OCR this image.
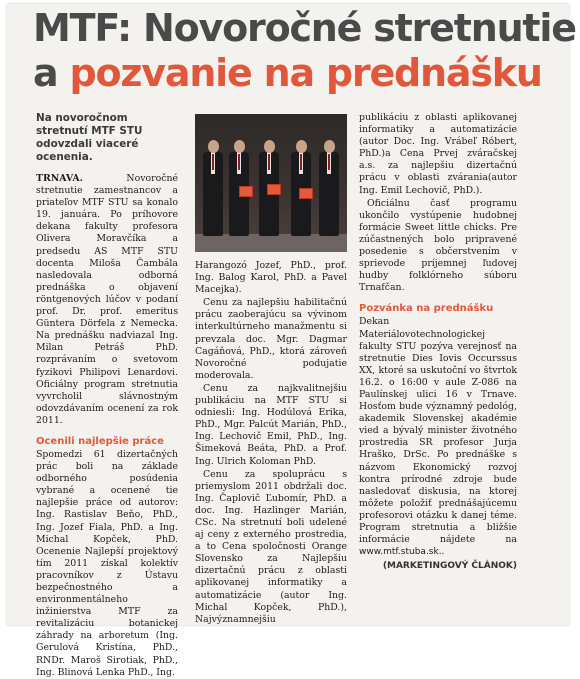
MTF: Novoročné stretnutie
a pozvanie na prednášku
Na novoročnom stretnutí MTF STU odovzdali viaceré ocenenia.

TRNAVA.	Novoročné stretnutie zamestnancov a priateľov MTF STU sa konalo 19. januára. Po príhovore dekana fakulty profesora Olivera Moravčíka a predsedu AS MTF STU docenta Miloša Čambála nasledovala odborná prednáška o objavení röntgenových lúčov v podaní prof. Dr. prof. emeritus Güntera Dörfela z Nemecka. Na prednášku nadviazal Ing. Milan Petráš PhD. rozprávaním o svetovom fyzikovi Philipovi Lenardovi. Oficiálny program stretnutia vyvrcholil slávnostným odovzdávaním ocenení za rok 2011.

Ocenili najlepšie práce

Spomedzi 61 dizertačných prác boli na základe odborného posúdenia vybrané a ocenené tie najlepšie práce od autorov: Ing. Rastislav Beňo, PhD., Ing. Jozef Fiala, PhD. a Ing. Michal Kopček, PhD. Ocenenie Najlepší projektový tím 2011 získal kolektív pracovníkov z Ústavu bezpečnostného a environmentálneho inžinierstva MTF za revitalizáciu botanickej záhrady na arboretum (Ing. Gerulová Kristína, PhD., RNDr. Maroš Sirotiak, PhD., Ing. Blinová Lenka PhD., Ing.

Harangozó Jozef, PhD., prof. Ing. Balog Karol, PhD. a Pavel Macejka).

Cenu za najlepšiu habilitačnú prácu zaoberajúcu sa vývinom interkultúrneho manažmentu si prevzala doc. Mgr. Dagmar Cagáňová, PhD., ktorá zároveň Novoročné podujatie moderovala.

Cenu za najkvalitnejšiu publikáciu na MTF STU si odniesli: Ing. Hodúlová Erika, PhD., Mgr. Palcút Marián, PhD., Ing. Lechovič Emil, PhD., Ing. Šimeková Beáta, PhD. a Prof. Ing. Ulrich Koloman PhD.

Cenu za spoluprácu s priemyslom 2011 obdržali doc. Ing. Čaplovič Ľubomír, PhD. a doc. Ing. Hazlinger Marián, CSc. Na stretnutí boli udelené aj ceny z externého prostredia, a to Cena spoločnosti Orange Slovensko za Najlepšiu dizertačnú prácu z oblasti aplikovanej informatiky a automatizácie (autor Ing. Michal Kopček, PhD.), Najvýznamnejšiu

publikáciu z oblasti aplikovanej informatiky a automatizácie (autor Doc. Ing. Vrábeľ Róbert, PhD.)a Cena Prvej zváračskej a.s. za najlepšiu dizertačnú prácu v oblasti zvárania(autor Ing. Emil Lechovič, PhD.).

Oficiálnu časť programu ukončilo vystúpenie hudobnej formácie Sweet little chicks. Pre zúčastnených bolo pripravené posedenie s občerstvením v sprievode príjemnej ľudovej hudby folklórneho súboru Trnafčan.

Pozvánka na prednášku

Dekan Materiálovotechnologickej fakulty STU pozýva verejnosť na stretnutie Dies Iovis Occurssus XX, ktoré sa uskutoční vo štvrtok 16.2. o 16:00 v aule Z-086 na Paulínskej ulici 16 v Trnave. Hosťom bude významný pedológ, akademik Slovenskej akadémie vied a bývalý minister životného prostredia SR profesor Jurja Hraško, DrSc. Po prednáške s názvom Ekonomický rozvoj kontra prírodné zdroje bude nasledovať diskusia, na ktorej môžete položiť prednášajúcemu profesorovi otázku k danej téme. Program stretnutia a bližšie informácie nájdete na www.mtf.stuba.sk..

(MARKETINGOVÝ ČLÁNOK)
